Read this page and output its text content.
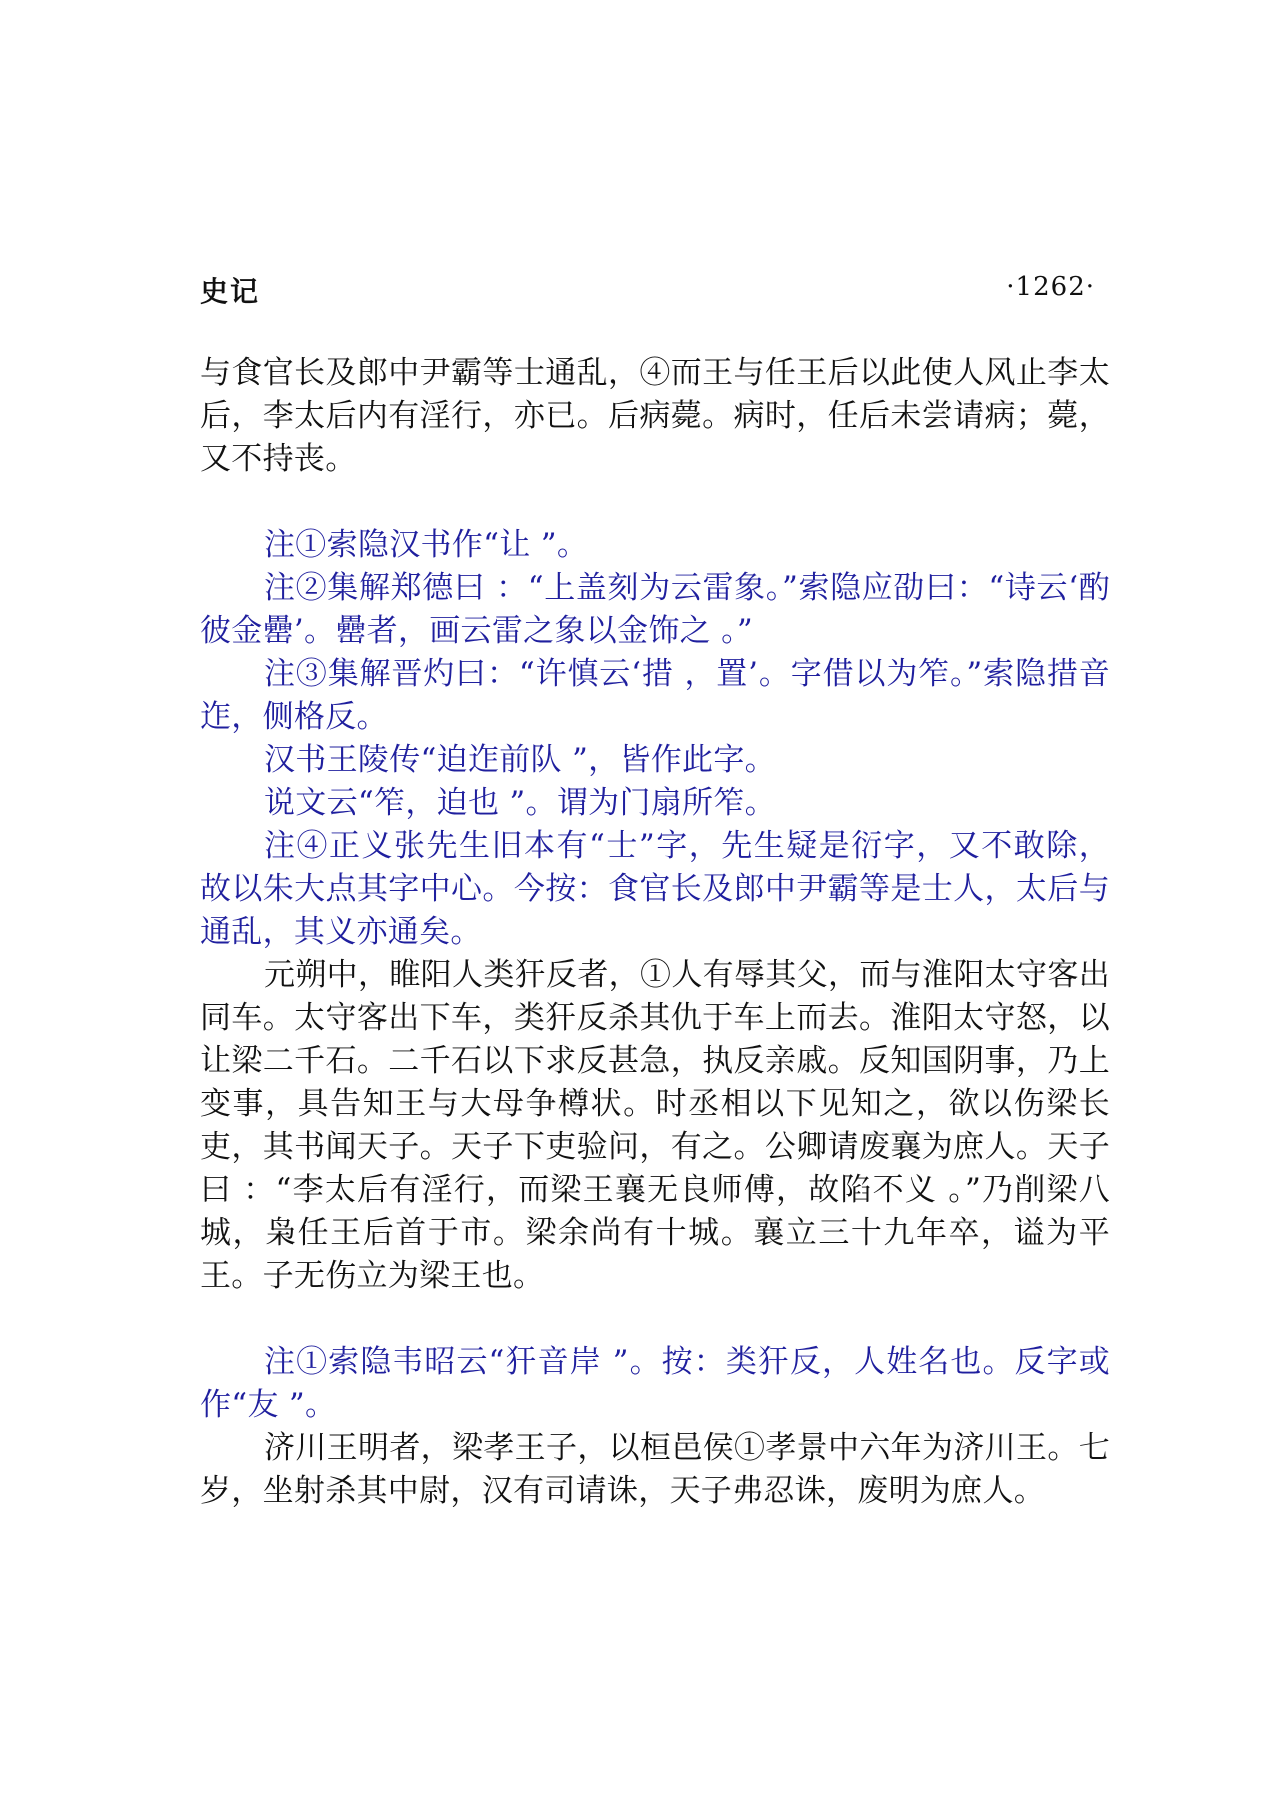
史记	·1262·

与食官长及郎中尹霸等士通乱，④而王与任王后以此使人风止李太后，李太后内有淫行，亦已。后病薨。病时，任后未尝请病；薨，又不持丧。

注①索隐汉书作“让 ”。

注②集解郑德曰 ：“上盖刻为云雷象。”索隐应劭曰：“诗云‘酌彼金罍’。罍者，画云雷之象以金饰之 。”

注③集解晋灼曰：“许慎云‘措 ，置’。字借以为笮。”索隐措音迮，侧格反。

汉书王陵传“迫迮前队 ”，皆作此字。

说文云“笮，迫也 ”。谓为门扇所笮。

注④正义张先生旧本有“士”字，先生疑是衍字，又不敢除，故以朱大点其字中心。今按：食官长及郎中尹霸等是士人，太后与通乱，其义亦通矣。

元朔中，睢阳人类犴反者，①人有辱其父，而与淮阳太守客出同车。太守客出下车，类犴反杀其仇于车上而去。淮阳太守怒，以让梁二千石。二千石以下求反甚急，执反亲戚。反知国阴事，乃上变事，具告知王与大母争樽状。时丞相以下见知之，欲以伤梁长吏，其书闻天子。天子下吏验问，有之。公卿请废襄为庶人。天子曰 ：“李太后有淫行，而梁王襄无良师傅，故陷不义 。”乃削梁八城，枭任王后首于市。梁余尚有十城。襄立三十九年卒，谥为平王。子无伤立为梁王也。

注①索隐韦昭云“犴音岸 ”。按：类犴反，人姓名也。反字或作“友 ”。

济川王明者，梁孝王子，以桓邑侯①孝景中六年为济川王。七岁，坐射杀其中尉，汉有司请诛，天子弗忍诛，废明为庶人。
